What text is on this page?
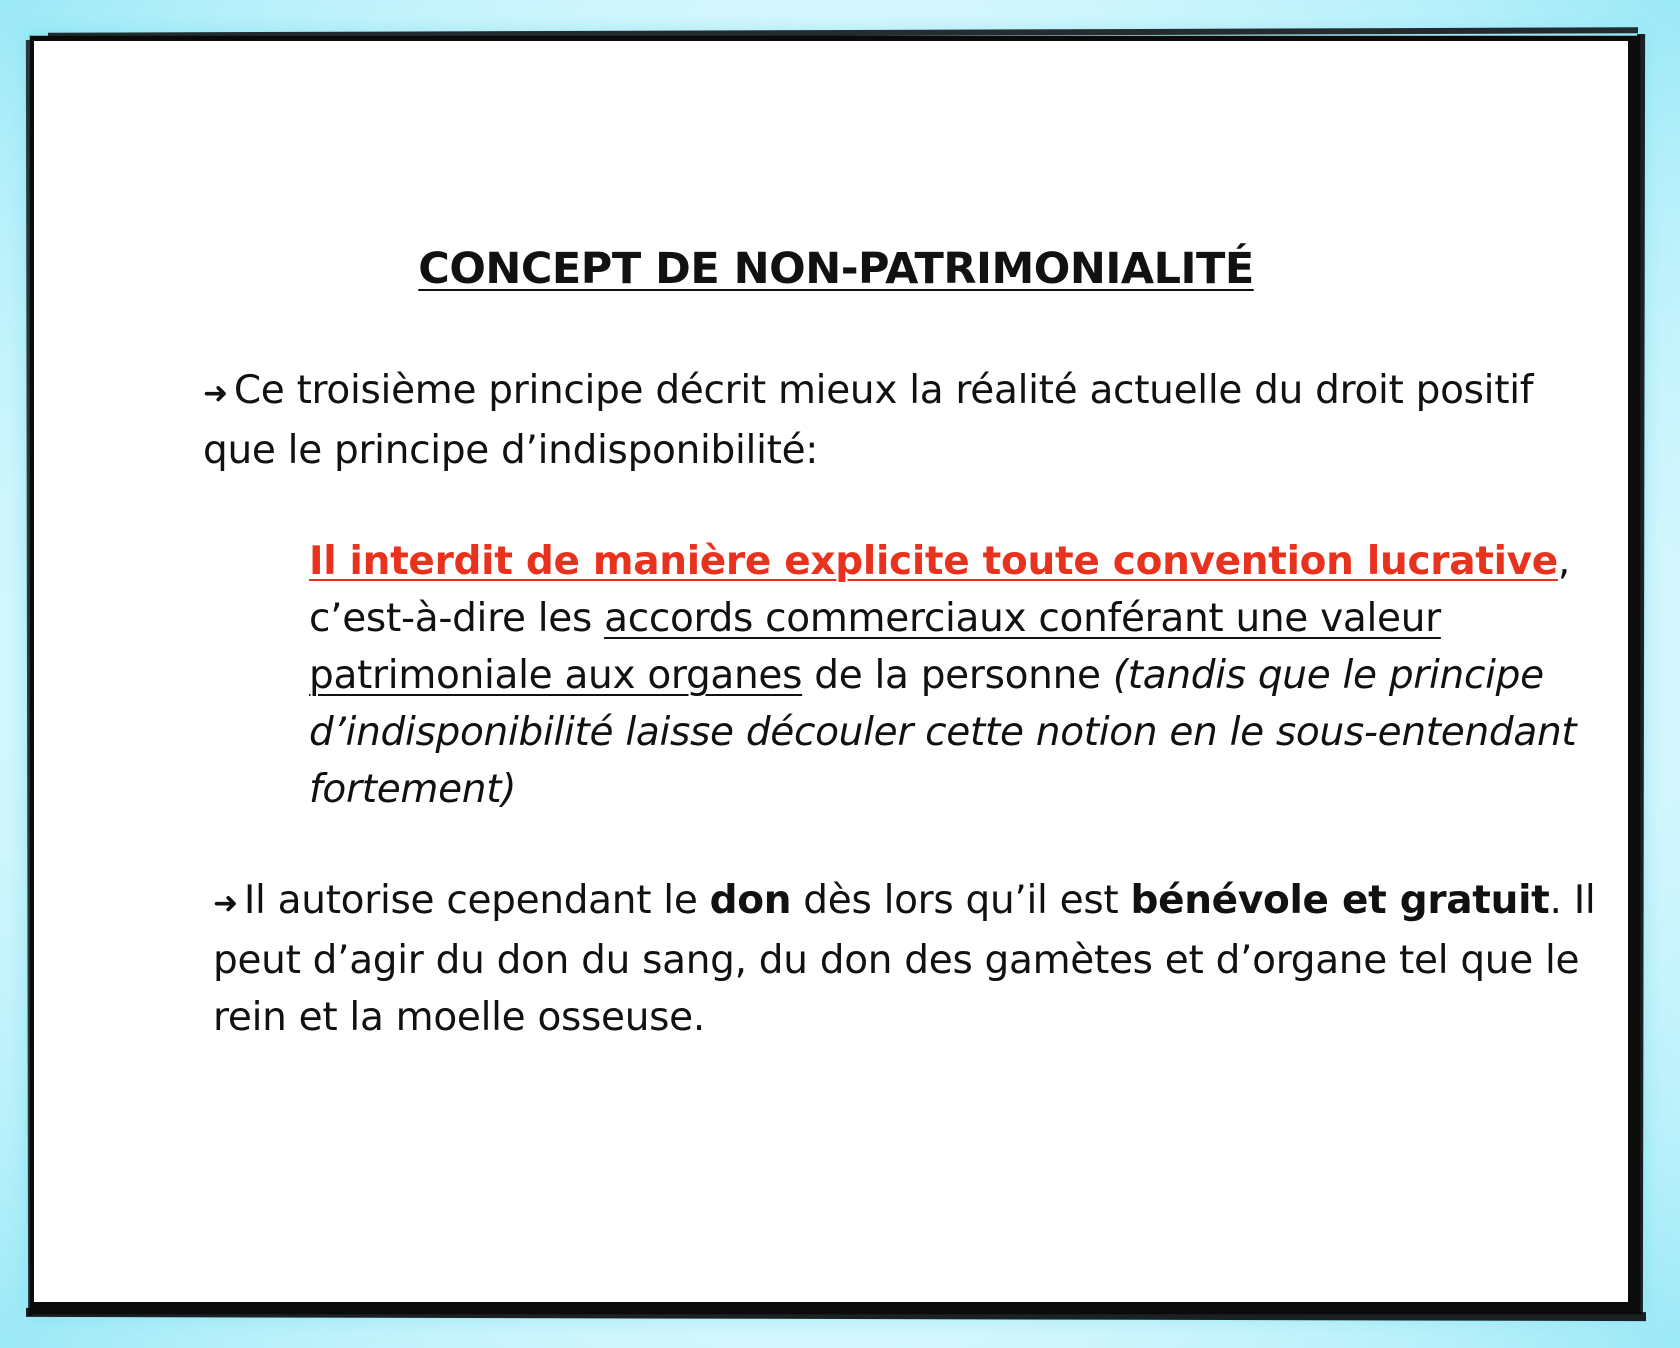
CONCEPT DE NON-PATRIMONIALITÉ
➜ Ce troisième principe décrit mieux la réalité actuelle du droit positif
que le principe d’indisponibilité:
Il interdit de manière explicite toute convention lucrative,
c’est-à-dire les accords commerciaux conférant une valeur
patrimoniale aux organes de la personne (tandis que le principe
d’indisponibilité laisse découler cette notion en le sous-entendant
fortement)
➜ Il autorise cependant le don dès lors qu’il est bénévole et gratuit. Il
peut d’agir du don du sang, du don des gamètes et d’organe tel que le
rein et la moelle osseuse.
